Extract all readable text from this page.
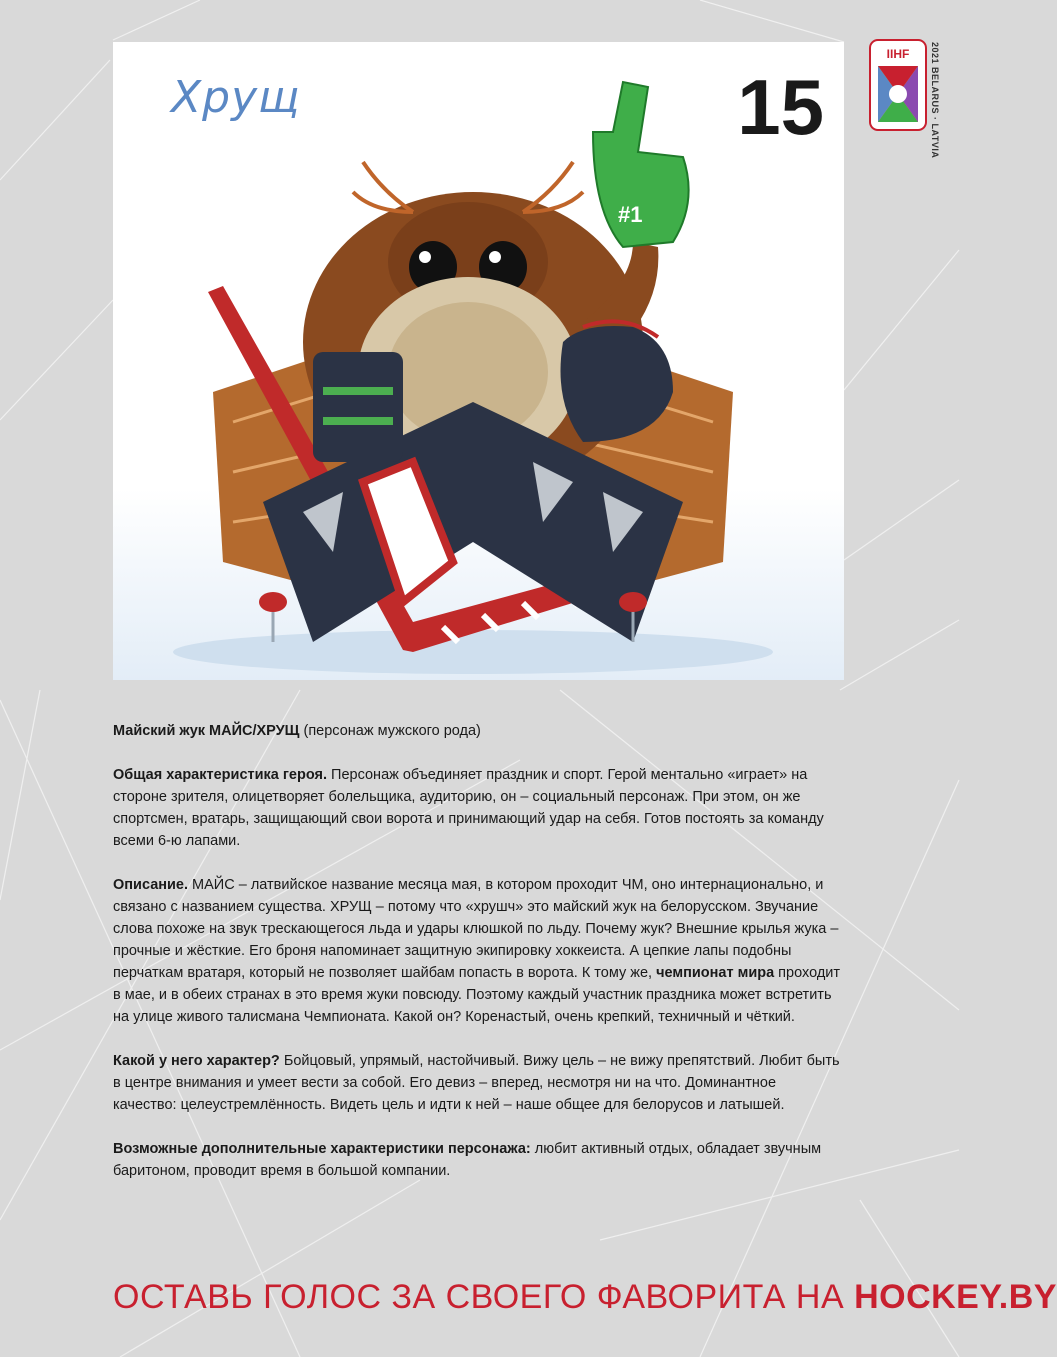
#1
Хрущ	15
IIHF 2021 BELARUS · LATVIA

Майский жук МАЙС/ХРУЩ (персонаж мужского рода)

Общая характеристика героя. Персонаж объединяет праздник и спорт. Герой ментально «играет» на стороне зрителя, олицетворяет болельщика, аудиторию, он – социальный персонаж. При этом, он же спортсмен, вратарь, защищающий свои ворота и принимающий удар на себя. Готов постоять за команду всеми 6-ю лапами.

Описание. МАЙС – латвийское название месяца мая, в котором проходит ЧМ, оно интернационально, и связано с названием существа. ХРУЩ – потому что «хрушч» это майский жук на белорусском. Звучание слова похоже на звук трескающегося льда и удары клюшкой по льду. Почему жук? Внешние крылья жука – прочные и жёсткие. Его броня напоминает защитную экипировку хоккеиста. А цепкие лапы подобны перчаткам вратаря, который не позволяет шайбам попасть в ворота. К тому же, чемпионат мира проходит в мае, и в обеих странах в это время жуки повсюду. Поэтому каждый участник праздника может встретить на улице живого талисмана Чемпионата. Какой он? Коренастый, очень крепкий, техничный и чёткий.

Какой у него характер? Бойцовый, упрямый, настойчивый. Вижу цель – не вижу препятствий. Любит быть в центре внимания и умеет вести за собой. Его девиз – вперед, несмотря ни на что. Доминантное качество: целеустремлённость. Видеть цель и идти к ней – наше общее для белорусов и латышей.

Возможные дополнительные характеристики персонажа: любит активный отдых, обладает звучным баритоном, проводит время в большой компании.

ОСТАВЬ ГОЛОС ЗА СВОЕГО ФАВОРИТА НА HOCKEY.BY
